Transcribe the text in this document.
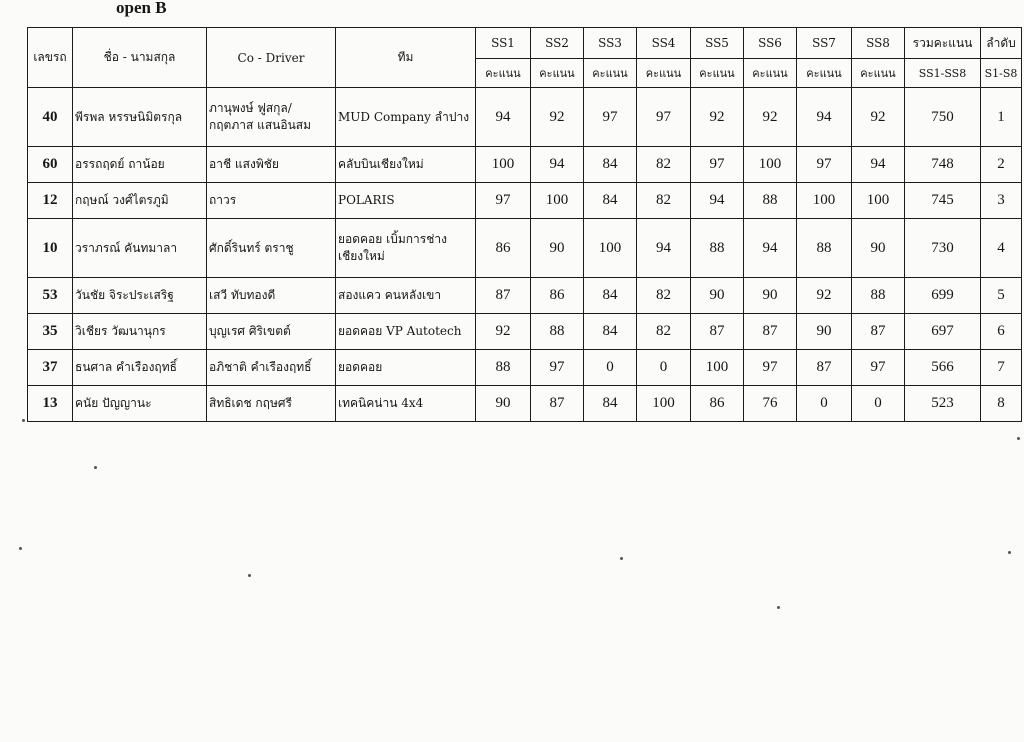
open B
เลขรถ	ชื่อ - นามสกุล	Co - Driver	ทีม	SS1	SS2	SS3	SS4	SS5	SS6	SS7	SS8	รวมคะแนน	ลำดับ
				คะแนน	คะแนน	คะแนน	คะแนน	คะแนน	คะแนน	คะแนน	คะแนน	SS1-SS8	S1-S8
40	พีรพล หรรษนิมิตรกุล	ภานุพงษ์ ฟูสกุล/
กฤตภาส แสนอินสม	MUD Company ลำปาง	94	92	97	97	92	92	94	92	750	1
60	อรรถฤดย์ ถาน้อย	อาชี แสงพิชัย	คลับบินเชียงใหม่	100	94	84	82	97	100	97	94	748	2
12	กฤษณ์ วงศ์ไตรภูมิ	ถาวร	POLARIS	97	100	84	82	94	88	100	100	745	3
10	วราภรณ์ คันทมาลา	ศักดิ์รินทร์ ตราชู	ยอดคอย เบิ้มการช่าง
เชียงใหม่	86	90	100	94	88	94	88	90	730	4
53	วันชัย จิระประเสริฐ	เสวี ทับทองดี	สองแคว คนหลังเขา	87	86	84	82	90	90	92	88	699	5
35	วิเชียร วัฒนานุกร	บุญเรศ ศิริเขตต์	ยอดคอย VP Autotech	92	88	84	82	87	87	90	87	697	6
37	ธนศาล คำเรืองฤทธิ์	อภิชาติ คำเรืองฤทธิ์	ยอดคอย	88	97	0	0	100	97	87	97	566	7
13	คนัย ปัญญานะ	สิทธิเดช กฤษศรี	เทคนิคน่าน 4x4	90	87	84	100	86	76	0	0	523	8
